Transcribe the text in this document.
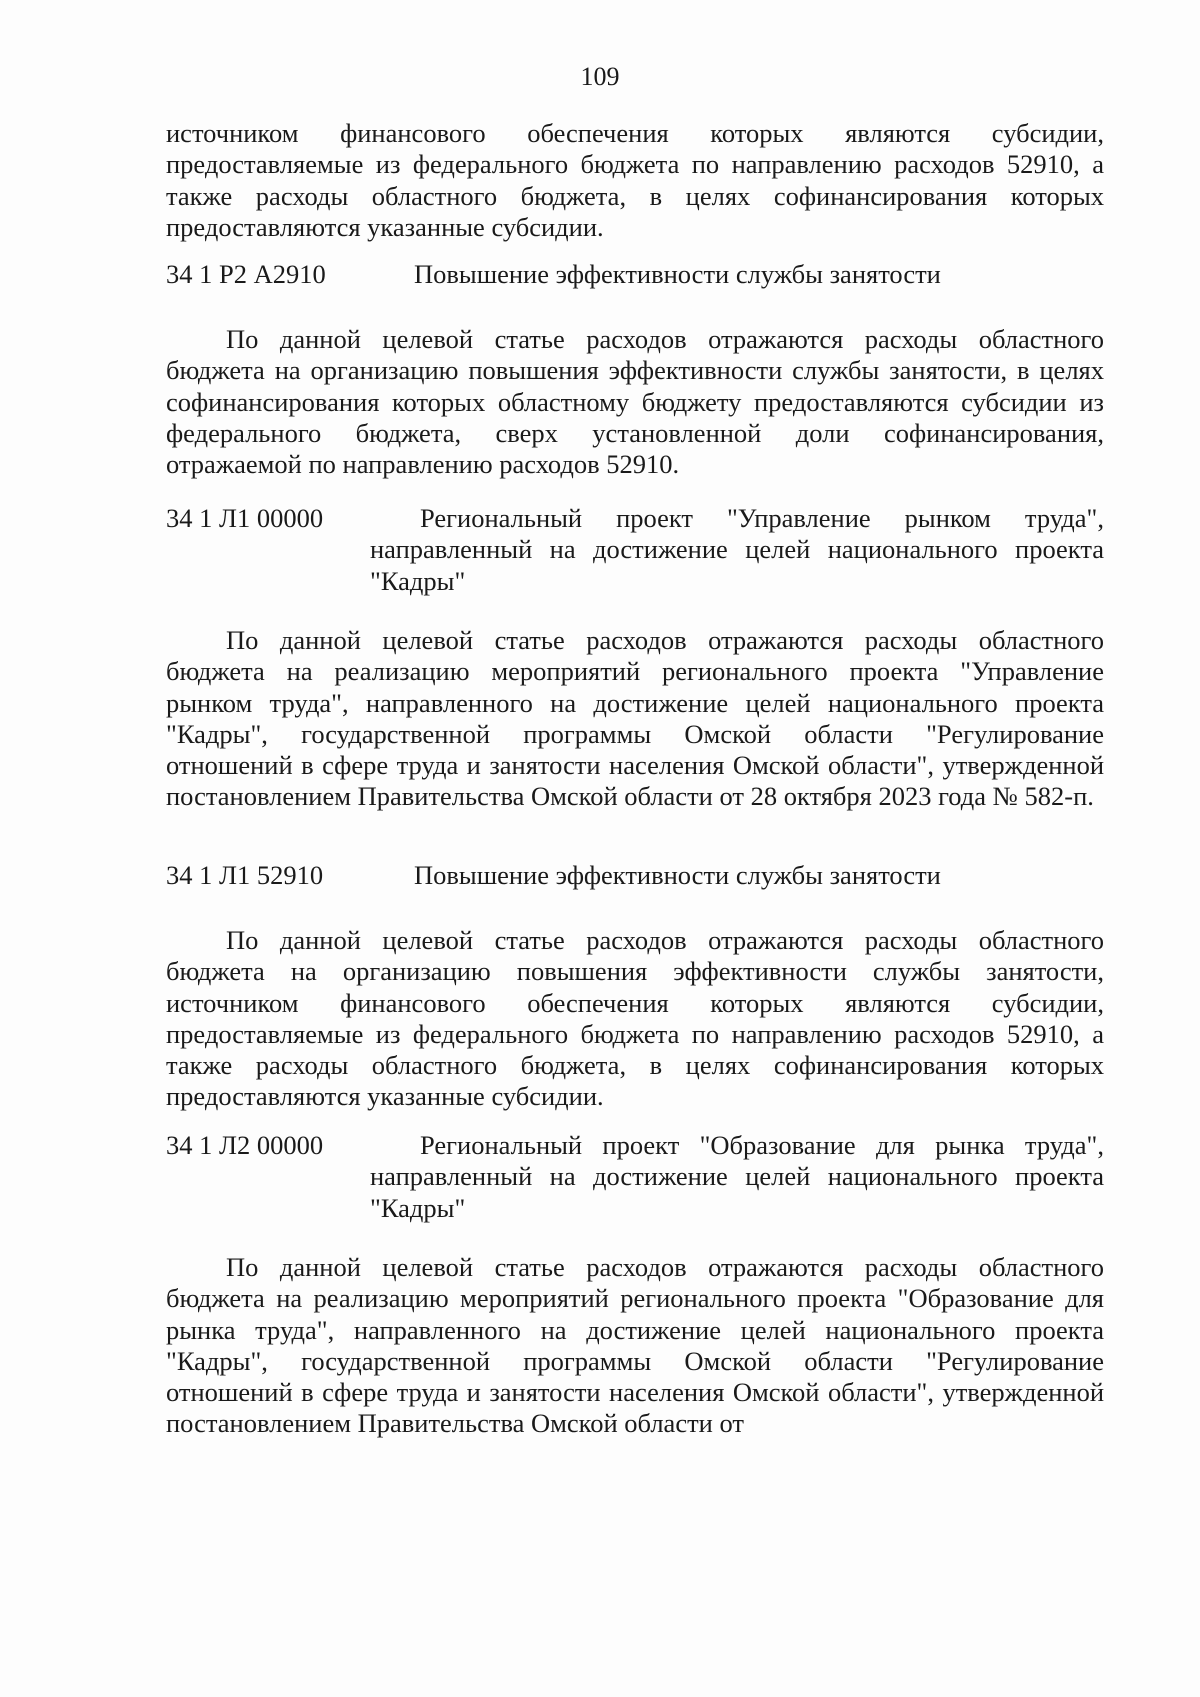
109

источником финансового обеспечения которых являются субсидии, предоставляемые из федерального бюджета по направлению расходов 52910, а также расходы областного бюджета, в целях софинансирования которых предоставляются указанные субсидии.

34 1 Р2 А2910	Повышение эффективности службы занятости

По данной целевой статье расходов отражаются расходы областного бюджета на организацию повышения эффективности службы занятости, в целях софинансирования которых областному бюджету предоставляются субсидии из федерального бюджета, сверх установленной доли софинансирования, отражаемой по направлению расходов 52910.

34 1 Л1 00000	Региональный проект "Управление рынком труда", направленный на достижение целей национального проекта "Кадры"

По данной целевой статье расходов отражаются расходы областного бюджета на реализацию мероприятий регионального проекта "Управление рынком труда", направленного на достижение целей национального проекта "Кадры", государственной программы Омской области "Регулирование отношений в сфере труда и занятости населения Омской области", утвержденной постановлением Правительства Омской области от 28 октября 2023 года № 582-п.

34 1 Л1 52910	Повышение эффективности службы занятости

По данной целевой статье расходов отражаются расходы областного бюджета на организацию повышения эффективности службы занятости, источником финансового обеспечения которых являются субсидии, предоставляемые из федерального бюджета по направлению расходов 52910, а также расходы областного бюджета, в целях софинансирования которых предоставляются указанные субсидии.

34 1 Л2 00000	Региональный проект "Образование для рынка труда", направленный на достижение целей национального проекта "Кадры"

По данной целевой статье расходов отражаются расходы областного бюджета на реализацию мероприятий регионального проекта "Образование для рынка труда", направленного на достижение целей национального проекта "Кадры", государственной программы Омской области "Регулирование отношений в сфере труда и занятости населения Омской области", утвержденной постановлением Правительства Омской области от
